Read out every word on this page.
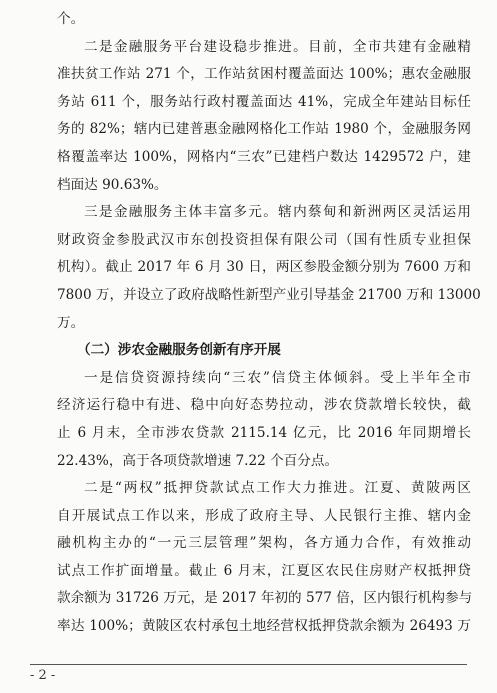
个。
二是金融服务平台建设稳步推进。目前，全市共建有金融精
准扶贫工作站 271 个，工作站贫困村覆盖面达 100%；惠农金融服
务站 611 个，服务站行政村覆盖面达 41%，完成全年建站目标任
务的 82%；辖内已建普惠金融网格化工作站 1980 个，金融服务网
格覆盖率达 100%，网格内“三农”已建档户数达 1429572 户，建
档面达 90.63%。
三是金融服务主体丰富多元。辖内蔡甸和新洲两区灵活运用
财政资金参股武汉市东创投资担保有限公司（国有性质专业担保
机构）。截止 2017 年 6 月 30 日，两区参股金额分别为 7600 万和
7800 万，并设立了政府战略性新型产业引导基金 21700 万和 13000
万。
（二）涉农金融服务创新有序开展
一是信贷资源持续向“三农”信贷主体倾斜。受上半年全市
经济运行稳中有进、稳中向好态势拉动，涉农贷款增长较快，截
止 6 月末，全市涉农贷款 2115.14 亿元，比 2016 年同期增长
22.43%，高于各项贷款增速 7.22 个百分点。
二是“两权”抵押贷款试点工作大力推进。江夏、黄陂两区
自开展试点工作以来，形成了政府主导、人民银行主推、辖内金
融机构主办的“一元三层管理”架构，各方通力合作，有效推动
试点工作扩面增量。截止 6 月末，江夏区农民住房财产权抵押贷
款余额为 31726 万元，是 2017 年初的 577 倍，区内银行机构参与
率达 100%；黄陂区农村承包土地经营权抵押贷款余额为 26493 万
- 2 -
